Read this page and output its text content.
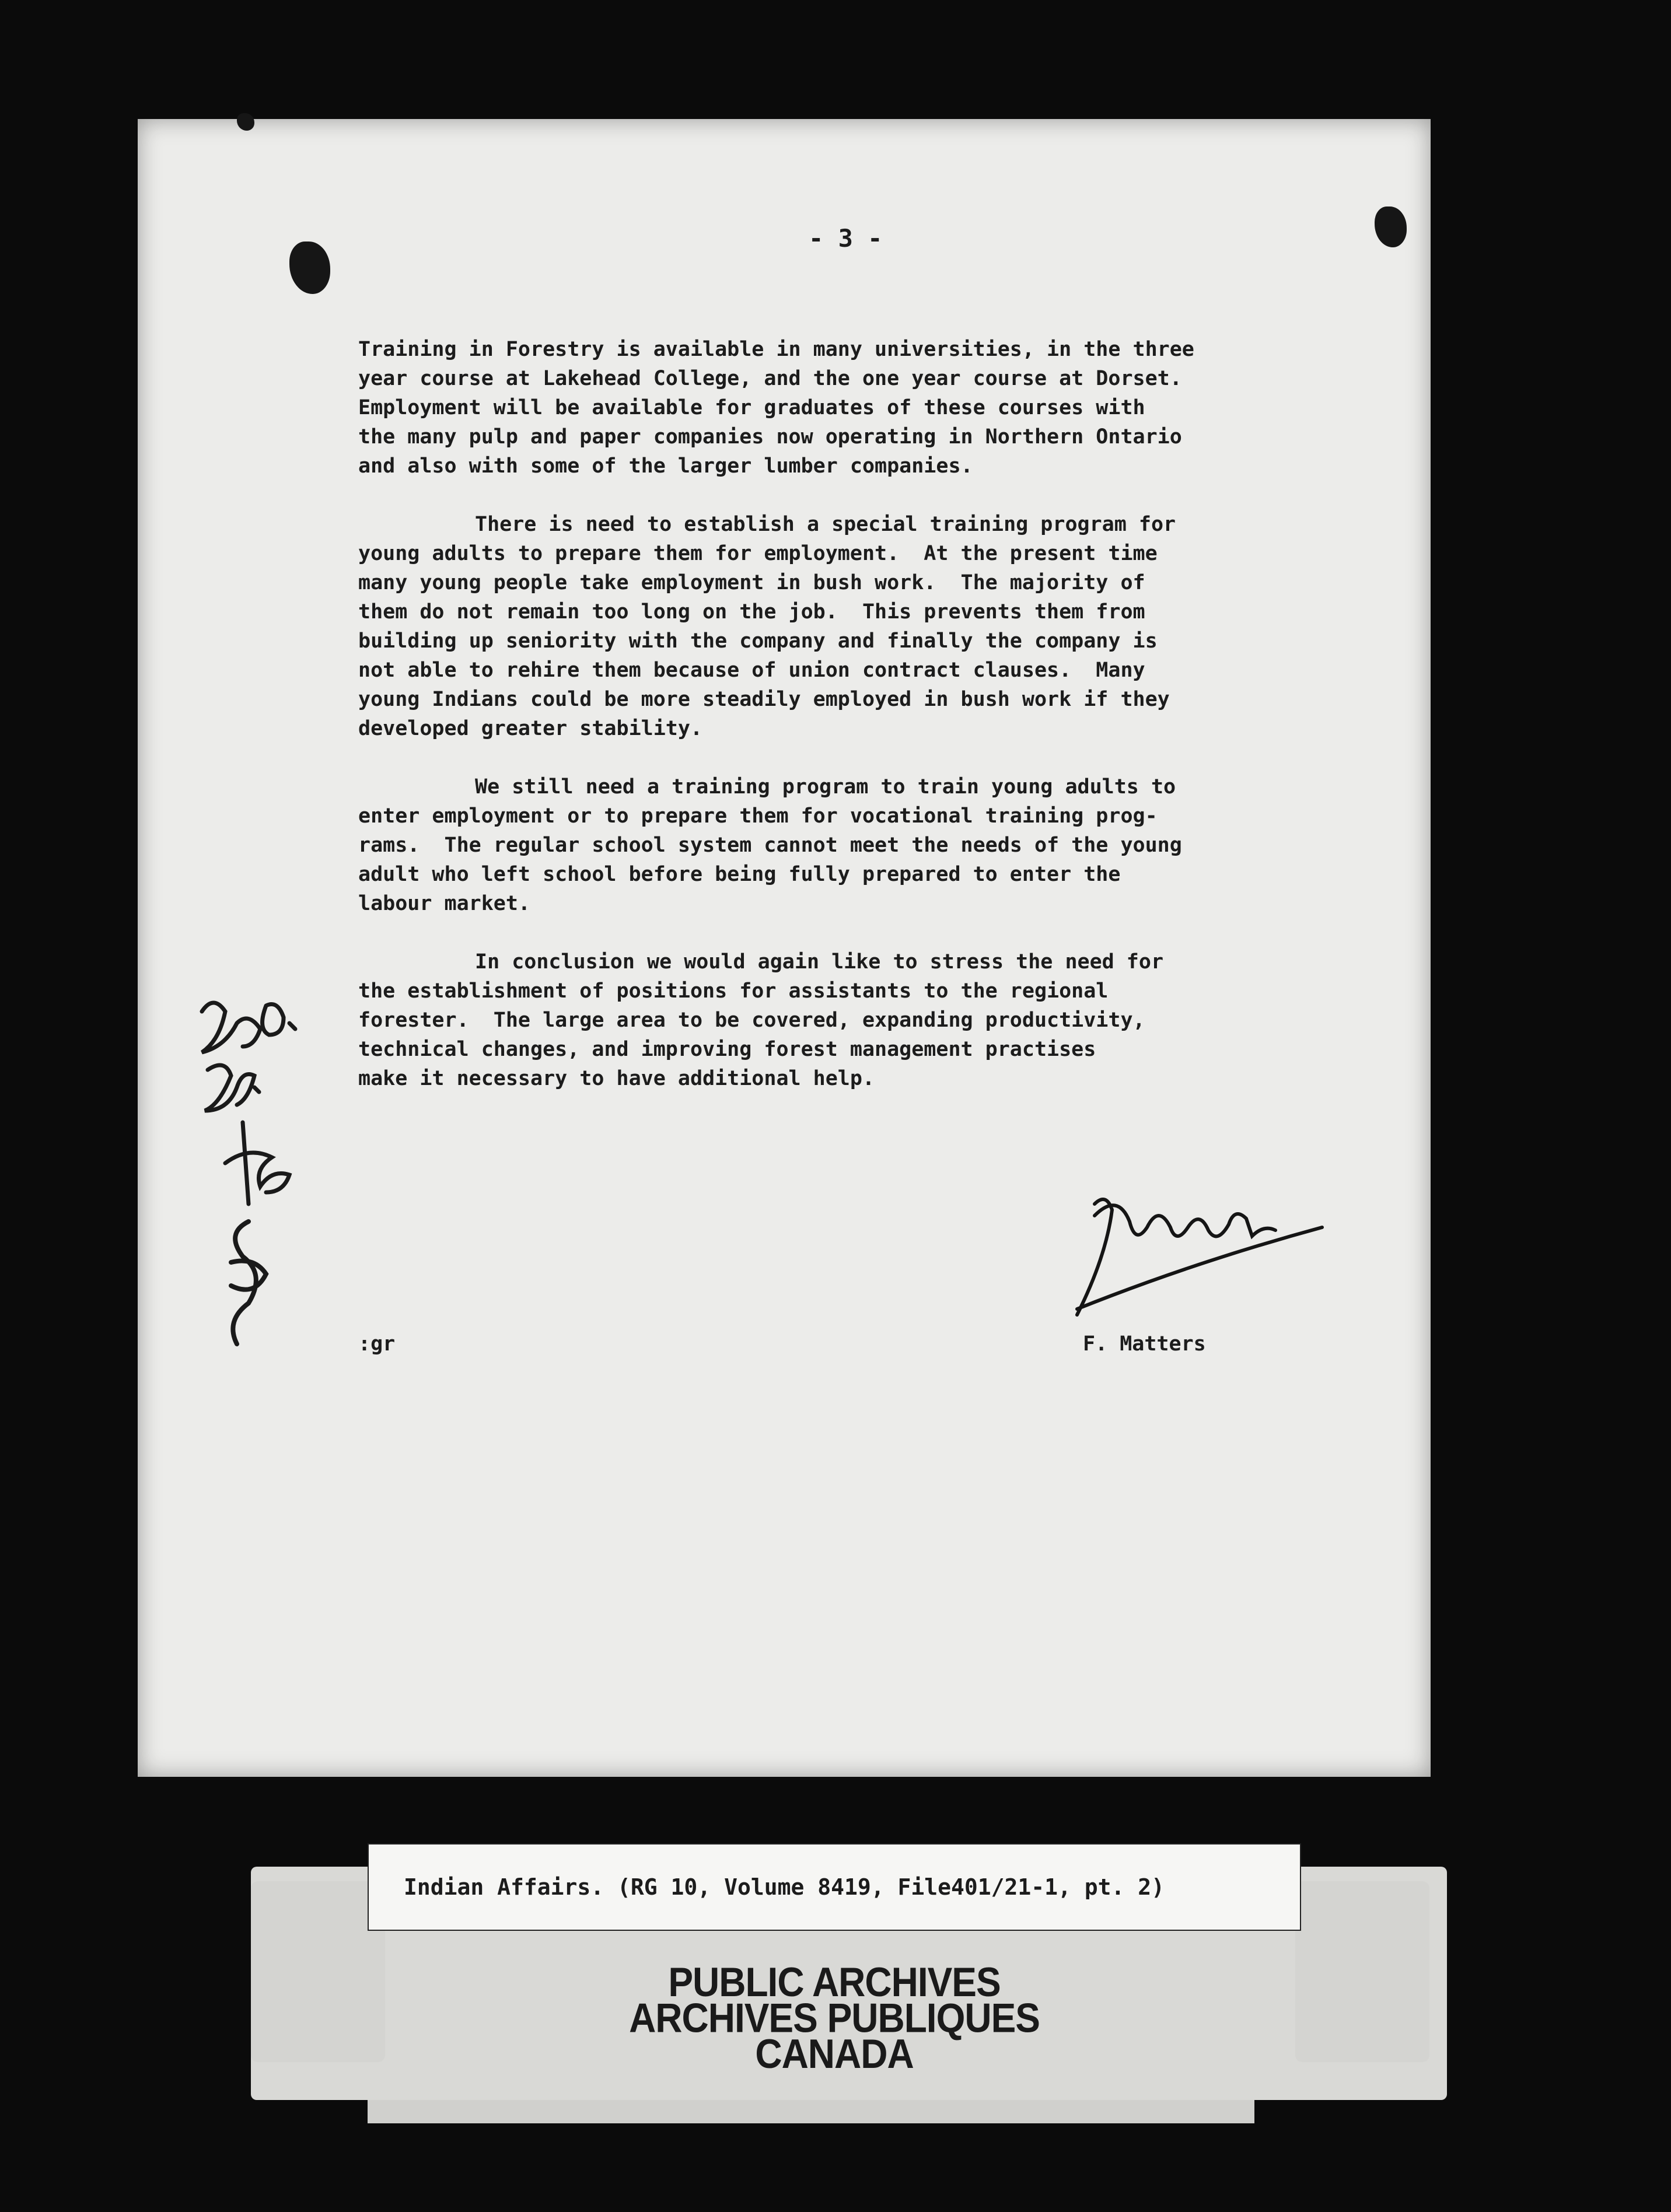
- 3 -
Training in Forestry is available in many universities, in the three
year course at Lakehead College, and the one year course at Dorset.
Employment will be available for graduates of these courses with
the many pulp and paper companies now operating in Northern Ontario
and also with some of the larger lumber companies.
There is need to establish a special training program for
young adults to prepare them for employment.  At the present time
many young people take employment in bush work.  The majority of
them do not remain too long on the job.  This prevents them from
building up seniority with the company and finally the company is
not able to rehire them because of union contract clauses.  Many
young Indians could be more steadily employed in bush work if they
developed greater stability.
We still need a training program to train young adults to
enter employment or to prepare them for vocational training prog-
rams.  The regular school system cannot meet the needs of the young
adult who left school before being fully prepared to enter the
labour market.
In conclusion we would again like to stress the need for
the establishment of positions for assistants to the regional
forester.  The large area to be covered, expanding productivity,
technical changes, and improving forest management practises
make it necessary to have additional help.
:gr	F. Matters
Indian Affairs. (RG 10, Volume 8419, File401/21-1, pt. 2)
PUBLIC ARCHIVES
ARCHIVES PUBLIQUES
CANADA
